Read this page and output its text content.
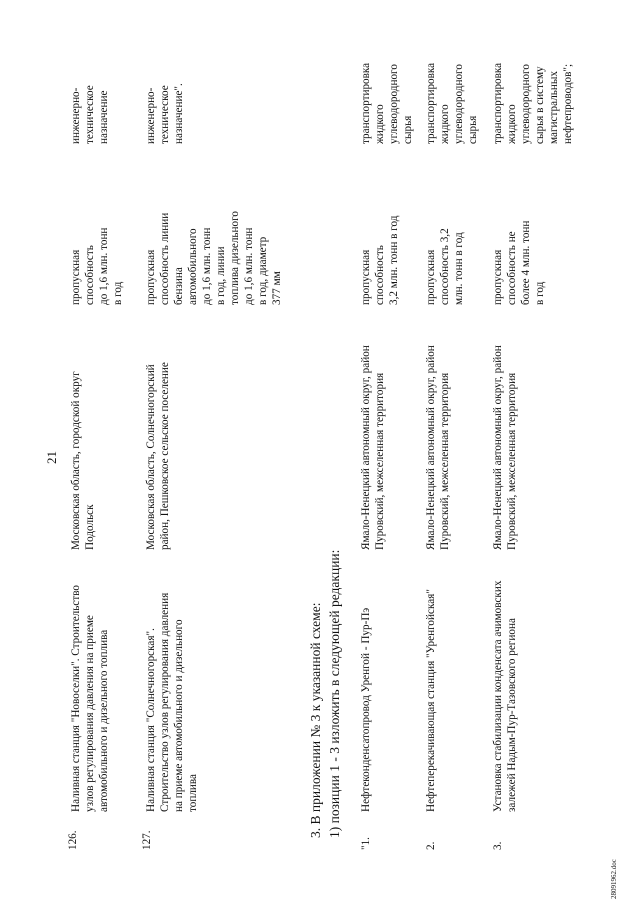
21
126.
Наливная станция "Новоселки". Строительство узлов регулирования давления на приеме автомобильного и дизельного топлива
Московская область, городской округ Подольск
пропускная способность до 1,6 млн. тонн в год
инженерно- техническое назначение
127.
Наливная станция "Солнечногорская". Строительство узлов регулирования давления на приеме автомобильного и дизельного топлива
Московская область, Солнечногорский район, Пешковское сельское поселение
пропускная способность линии бензина автомобильного до 1,6 млн. тонн в год, линии топлива дизельного до 1,6 млн. тонн в год, диаметр 377 мм
инженерно- техническое назначение".
3. В приложении № 3 к указанной схеме: 1) позиции 1 - 3 изложить в следующей редакции:
"1.
Нефтеконденсатопровод Уренгой - Пур-Пэ
Ямало-Ненецкий автономный округ, район Пуровский, межселенная территория
пропускная способность 3,2 млн. тонн в год
транспортировка жидкого углеводородного сырья
2.
Нефтеперекачивающая станция "Уренгойская"
Ямало-Ненецкий автономный округ, район Пуровский, межселенная территория
пропускная способность 3,2 млн. тонн в год
транспортировка жидкого углеводородного сырья
3.
Установка стабилизации конденсата ачимовских залежей Надым-Пур-Тазовского региона
Ямало-Ненецкий автономный округ, район Пуровский, межселенная территория
пропускная способность не более 4 млн. тонн в год
транспортировка жидкого углеводородного сырья в систему магистральных нефтепроводов";
28091962.doc
